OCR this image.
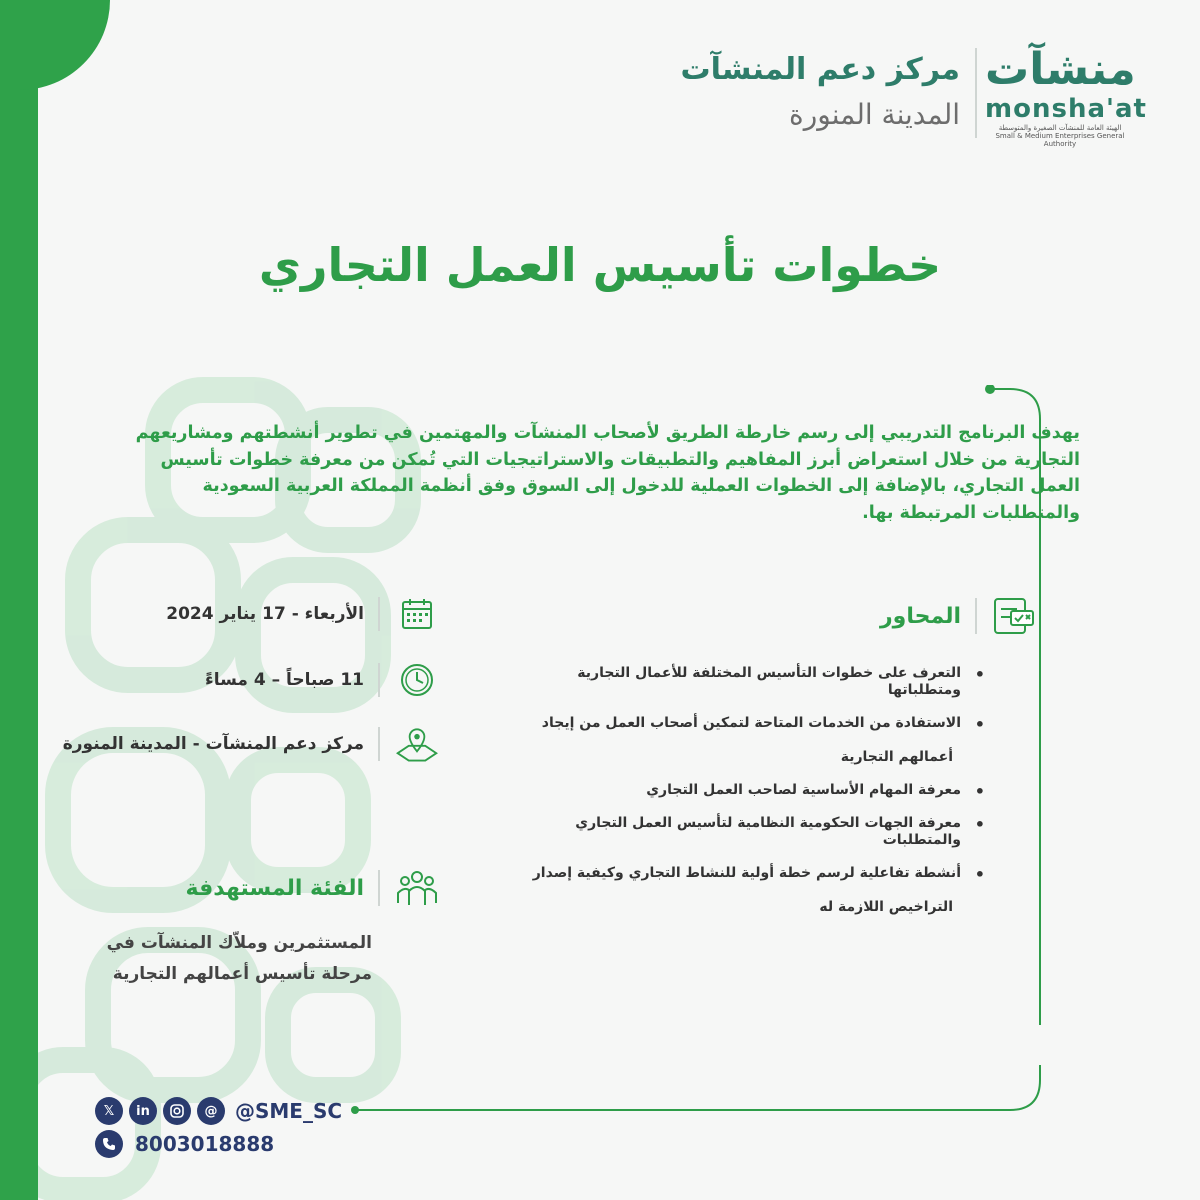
منشآت
monsha'at
الهيئة العامة للمنشآت الصغيرة والمتوسطة
Small & Medium Enterprises General Authority
مركز دعم المنشآت
المدينة المنورة
خطوات تأسيس العمل التجاري
يهدف البرنامج التدريبي إلى رسم خارطة الطريق لأصحاب المنشآت والمهتمين في تطوير أنشطتهم ومشاريعهم التجارية من خلال استعراض أبرز المفاهيم والتطبيقات والاستراتيجيات التي تُمكن من معرفة خطوات تأسيس العمل التجاري، بالإضافة إلى الخطوات العملية للدخول إلى السوق وفق أنظمة المملكة العربية السعودية والمتطلبات المرتبطة بها.
المحاور
• التعرف على خطوات التأسيس المختلفة للأعمال التجارية ومتطلباتها
• الاستفادة من الخدمات المتاحة لتمكين أصحاب العمل من إيجاد
أعمالهم التجارية
• معرفة المهام الأساسية لصاحب العمل التجاري
• معرفة الجهات الحكومية النظامية لتأسيس العمل التجاري والمتطلبات
• أنشطة تفاعلية لرسم خطة أولية للنشاط التجاري وكيفية إصدار
التراخيص اللازمة له
الأربعاء - 17 يناير 2024
11 صباحاً – 4 مساءً
مركز دعم المنشآت - المدينة المنورة
الفئة المستهدفة
المستثمرين وملاّك المنشآت في مرحلة تأسيس أعمالهم التجارية
𝕏	in	@ @SME_SC
8003018888
